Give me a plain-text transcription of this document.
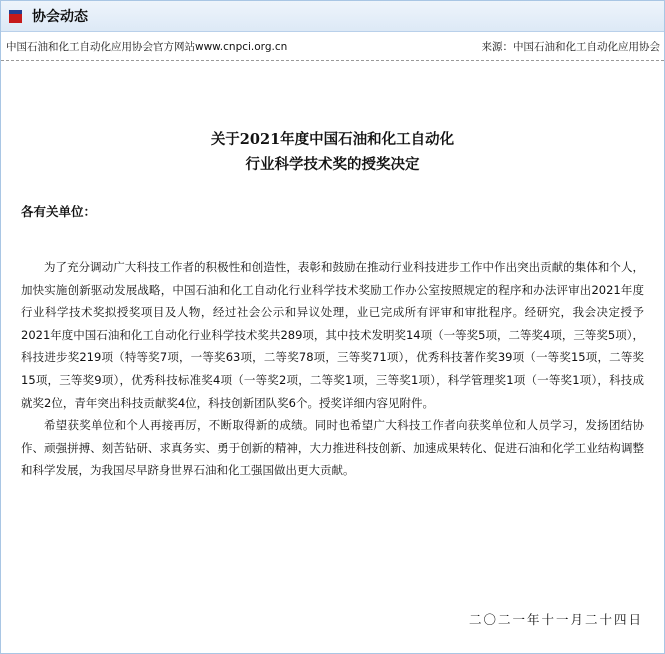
协会动态
中国石油和化工自动化应用协会官方网站www.cnpci.org.cn	来源：中国石油和化工自动化应用协会
关于2021年度中国石油和化工自动化
行业科学技术奖的授奖决定
各有关单位：

为了充分调动广大科技工作者的积极性和创造性，表彰和鼓励在推动行业科技进步工作中作出突出贡献的集体和个人，加快实施创新驱动发展战略，中国石油和化工自动化行业科学技术奖励工作办公室按照规定的程序和办法评审出2021年度行业科学技术奖拟授奖项目及人物，经过社会公示和异议处理，业已完成所有评审和审批程序。经研究，我会决定授予2021年度中国石油和化工自动化行业科学技术奖共289项，其中技术发明奖14项（一等奖5项，二等奖4项，三等奖5项），科技进步奖219项（特等奖7项，一等奖63项，二等奖78项，三等奖71项），优秀科技著作奖39项（一等奖15项，二等奖15项，三等奖9项），优秀科技标准奖4项（一等奖2项，二等奖1项，三等奖1项），科学管理奖1项（一等奖1项），科技成就奖2位，青年突出科技贡献奖4位，科技创新团队奖6个。授奖详细内容见附件。

希望获奖单位和个人再接再厉，不断取得新的成绩。同时也希望广大科技工作者向获奖单位和人员学习，发扬团结协作、顽强拼搏、刻苦钻研、求真务实、勇于创新的精神，大力推进科技创新、加速成果转化、促进石油和化学工业结构调整和科学发展，为我国尽早跻身世界石油和化工强国做出更大贡献。

二〇二一年十一月二十四日
